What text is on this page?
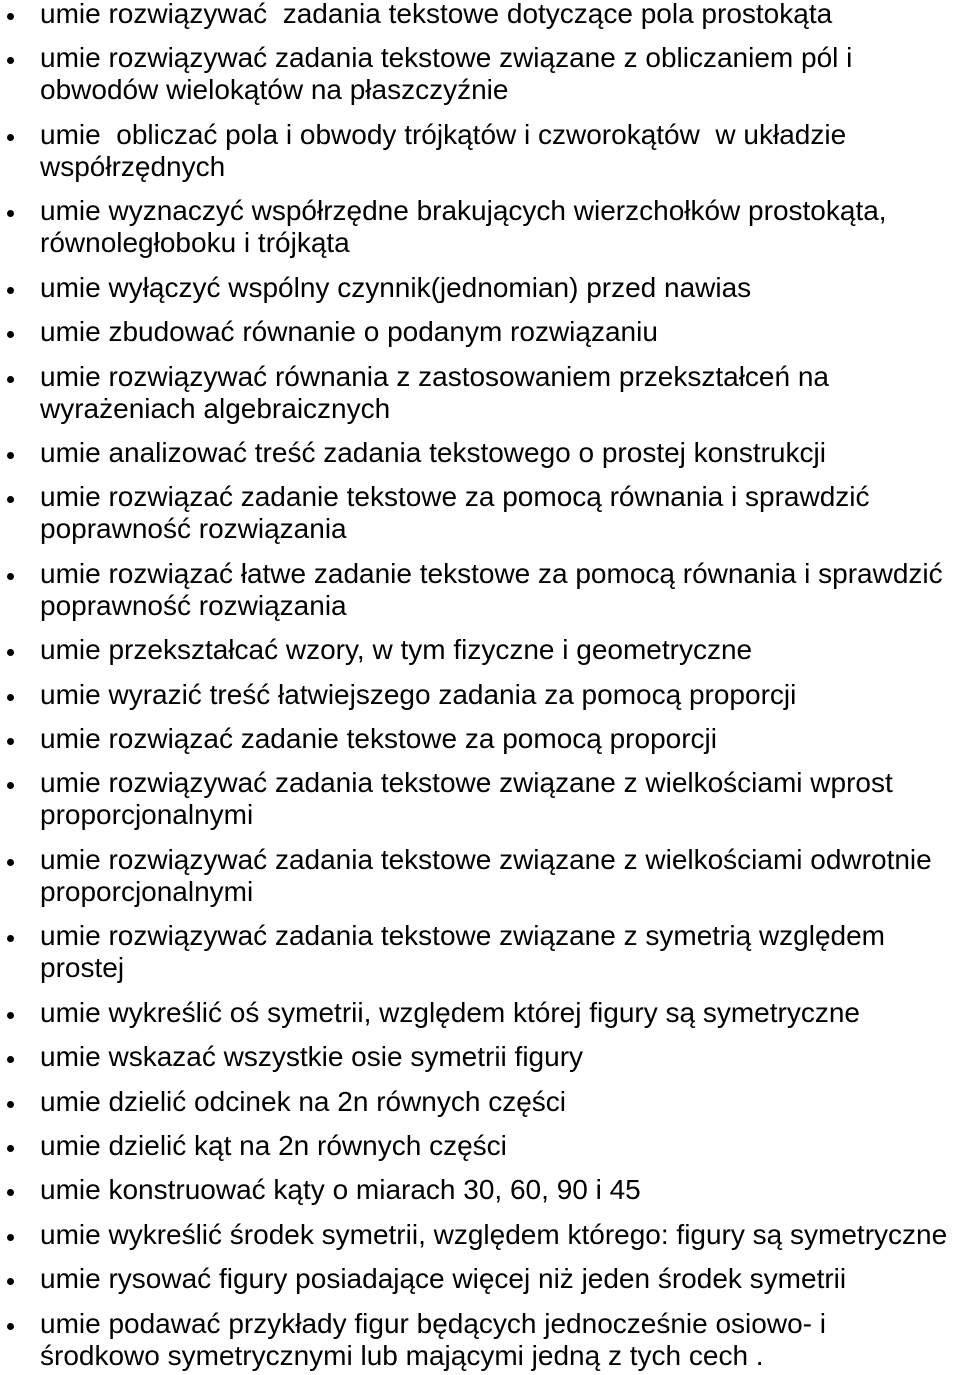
umie rozwiązywać  zadania tekstowe dotyczące pola prostokąta
umie rozwiązywać zadania tekstowe związane z obliczaniem pól i
obwodów wielokątów na płaszczyźnie
umie  obliczać pola i obwody trójkątów i czworokątów  w układzie
współrzędnych
umie wyznaczyć współrzędne brakujących wierzchołków prostokąta,
równoległoboku i trójkąta
umie wyłączyć wspólny czynnik(jednomian) przed nawias
umie zbudować równanie o podanym rozwiązaniu
umie rozwiązywać równania z zastosowaniem przekształceń na
wyrażeniach algebraicznych
umie analizować treść zadania tekstowego o prostej konstrukcji
umie rozwiązać zadanie tekstowe za pomocą równania i sprawdzić
poprawność rozwiązania
umie rozwiązać łatwe zadanie tekstowe za pomocą równania i sprawdzić
poprawność rozwiązania
umie przekształcać wzory, w tym fizyczne i geometryczne
umie wyrazić treść łatwiejszego zadania za pomocą proporcji
umie rozwiązać zadanie tekstowe za pomocą proporcji
umie rozwiązywać zadania tekstowe związane z wielkościami wprost
proporcjonalnymi
umie rozwiązywać zadania tekstowe związane z wielkościami odwrotnie
proporcjonalnymi
umie rozwiązywać zadania tekstowe związane z symetrią względem
prostej
umie wykreślić oś symetrii, względem której figury są symetryczne
umie wskazać wszystkie osie symetrii figury
umie dzielić odcinek na 2n równych części
umie dzielić kąt na 2n równych części
umie konstruować kąty o miarach 30, 60, 90 i 45
umie wykreślić środek symetrii, względem którego: figury są symetryczne
umie rysować figury posiadające więcej niż jeden środek symetrii
umie podawać przykłady figur będących jednocześnie osiowo- i
środkowo symetrycznymi lub mającymi jedną z tych cech .
